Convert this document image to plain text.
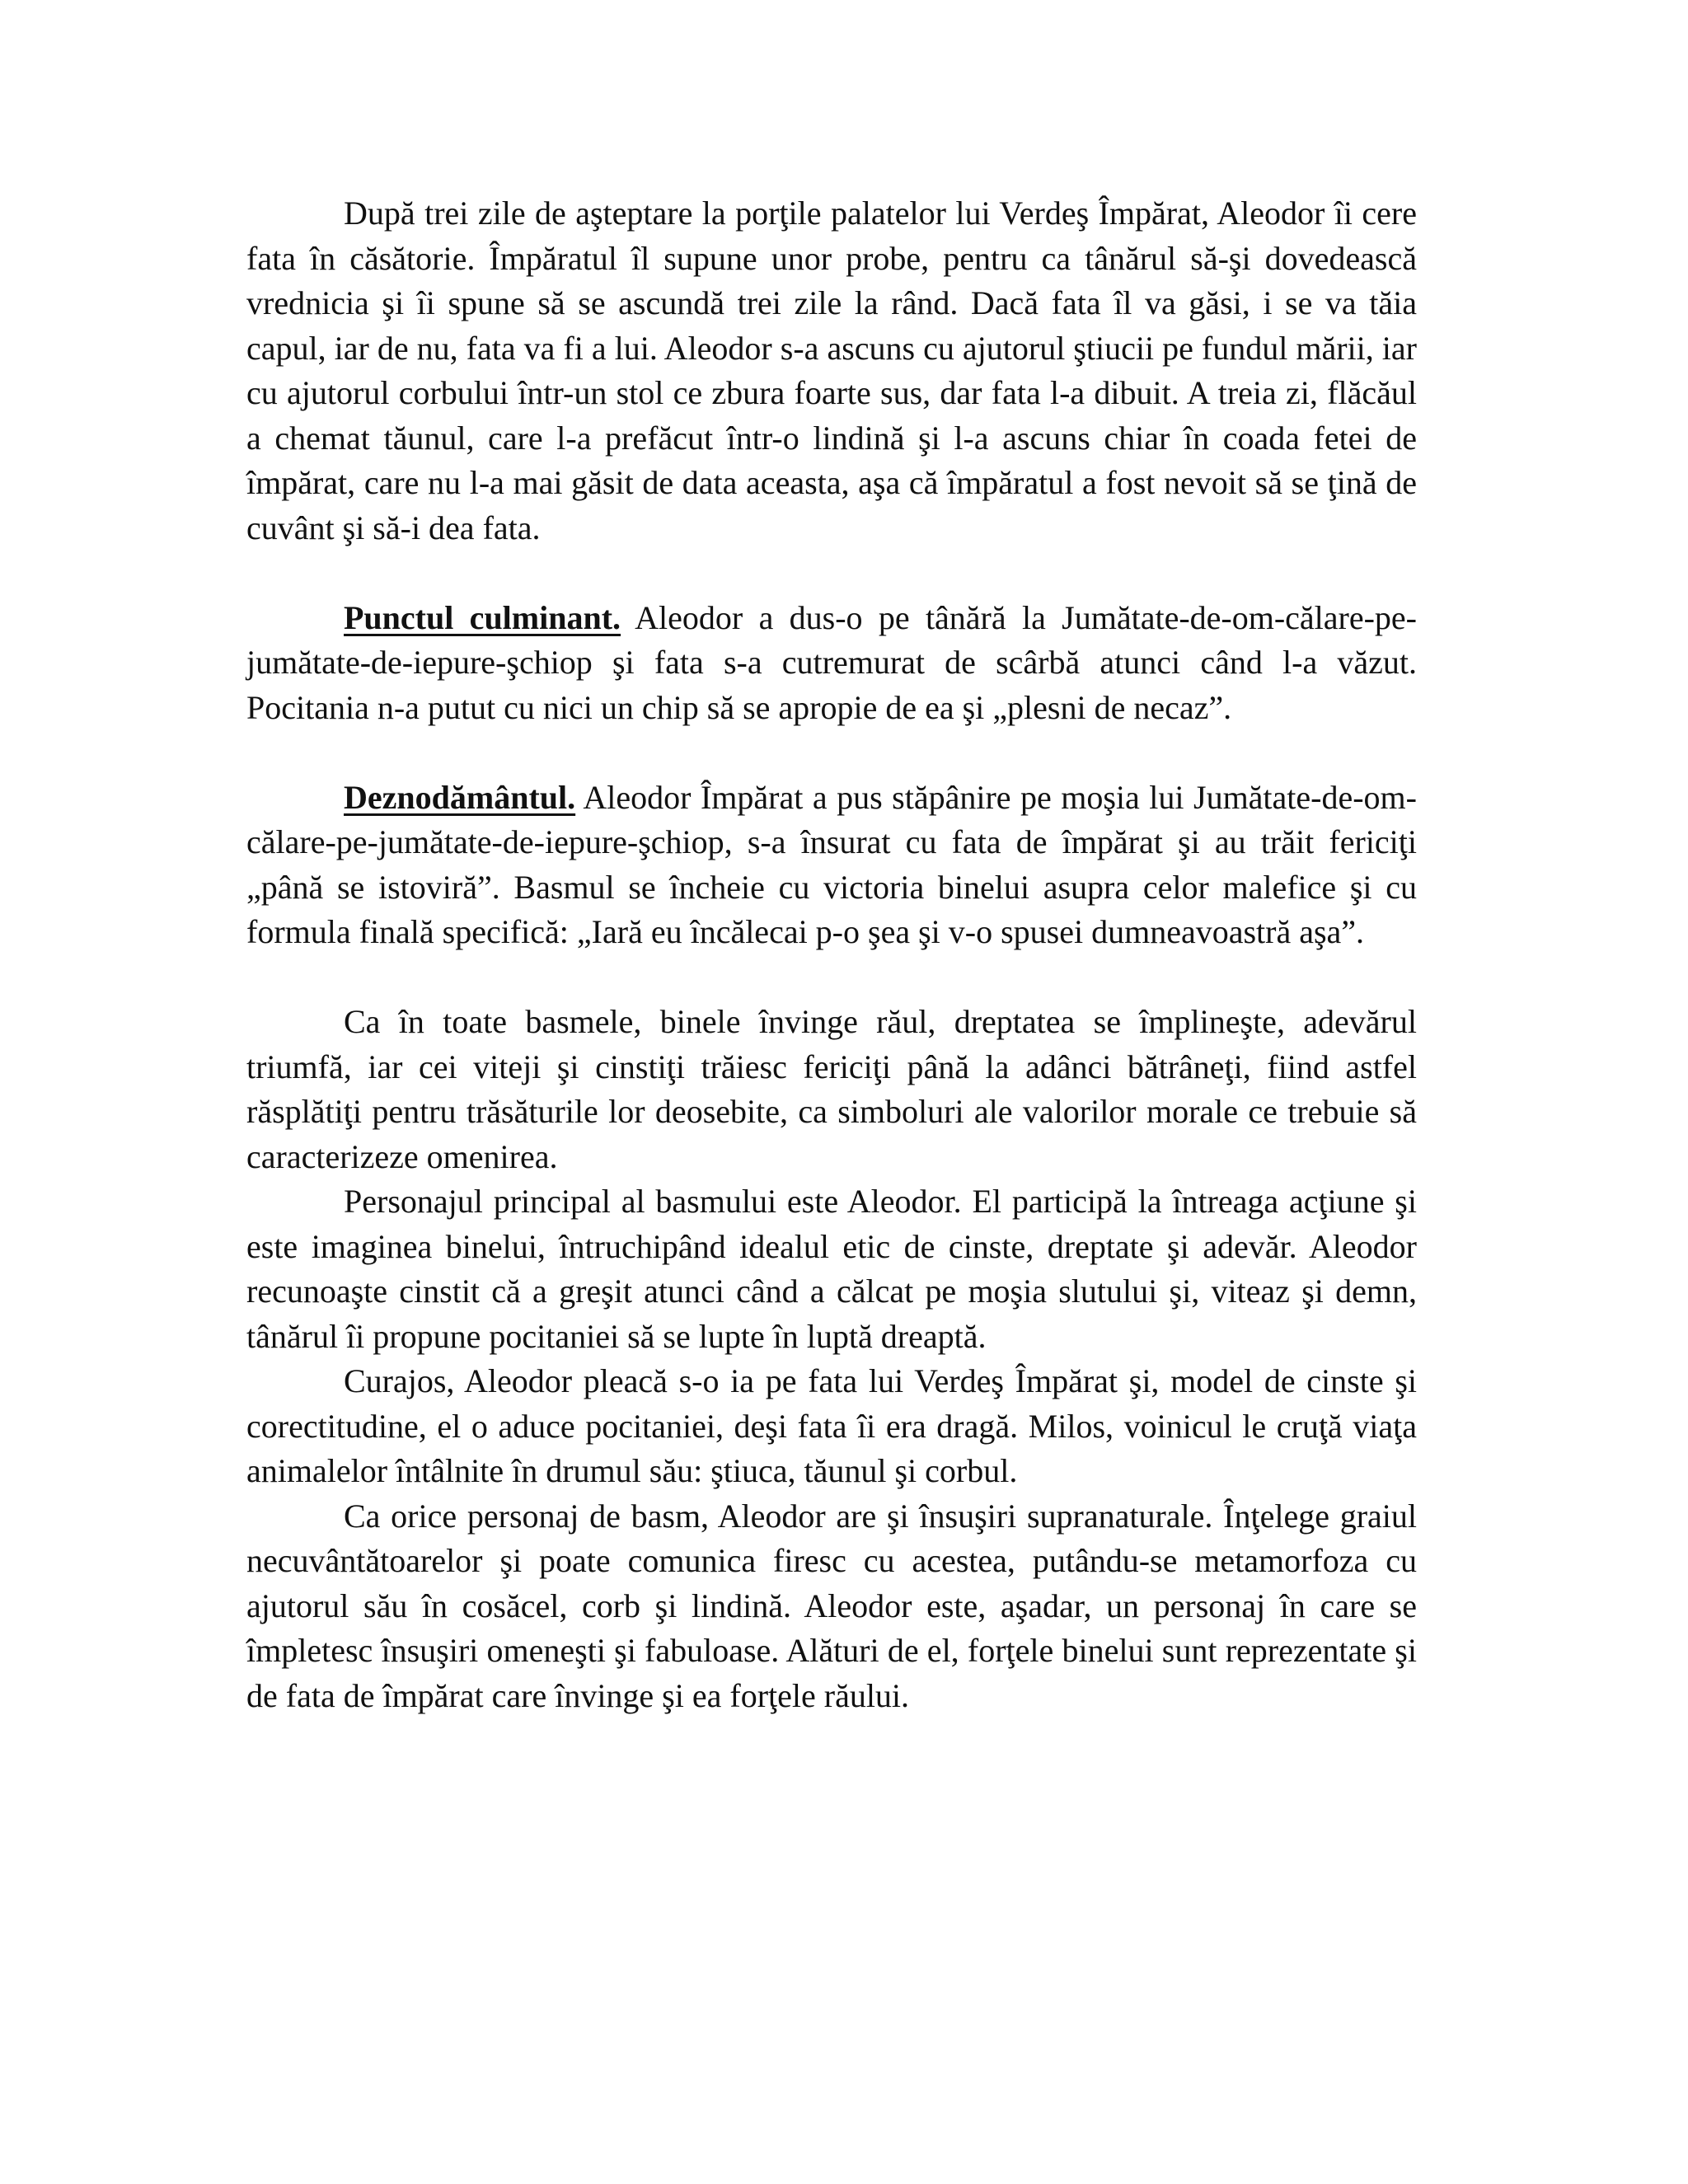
După trei zile de aşteptare la porţile palatelor lui Verdeş Împărat, Aleodor îi cere fata în căsătorie. Împăratul îl supune unor probe, pentru ca tânărul să-şi dovedească vrednicia şi îi spune să se ascundă trei zile la rând. Dacă fata îl va găsi, i se va tăia capul, iar de nu, fata va fi a lui. Aleodor s-a ascuns cu ajutorul ştiucii pe fundul mării, iar cu ajutorul corbului într-un stol ce zbura foarte sus, dar fata l-a dibuit. A treia zi, flăcăul a chemat tăunul, care l-a prefăcut într-o lindină şi l-a ascuns chiar în coada fetei de împărat, care nu l-a mai găsit de data aceasta, aşa că împăratul a fost nevoit să se ţină de cuvânt şi să-i dea fata.

Punctul culminant. Aleodor a dus-o pe tânără la Jumătate-de-om-călare-pe-jumătate-de-iepure-şchiop şi fata s-a cutremurat de scârbă atunci când l-a văzut. Pocitania n-a putut cu nici un chip să se apropie de ea şi „plesni de necaz”.

Deznodământul. Aleodor Împărat a pus stăpânire pe moşia lui Jumătate-de-om-călare-pe-jumătate-de-iepure-şchiop, s-a însurat cu fata de împărat şi au trăit fericiţi „până se istoviră”. Basmul se încheie cu victoria binelui asupra celor malefice şi cu formula finală specifică: „Iară eu încălecai p-o şea şi v-o spusei dumneavoastră aşa”.

Ca în toate basmele, binele învinge răul, dreptatea se împlineşte, adevărul triumfă, iar cei viteji şi cinstiţi trăiesc fericiţi până la adânci bătrâneţi, fiind astfel răsplătiţi pentru trăsăturile lor deosebite, ca simboluri ale valorilor morale ce trebuie să caracterizeze omenirea.

Personajul principal al basmului este Aleodor. El participă la întreaga acţiune şi este imaginea binelui, întruchipând idealul etic de cinste, dreptate şi adevăr. Aleodor recunoaşte cinstit că a greşit atunci când a călcat pe moşia slutului şi, viteaz şi demn, tânărul îi propune pocitaniei să se lupte în luptă dreaptă.

Curajos, Aleodor pleacă s-o ia pe fata lui Verdeş Împărat şi, model de cinste şi corectitudine, el o aduce pocitaniei, deşi fata îi era dragă. Milos, voinicul le cruţă viaţa animalelor întâlnite în drumul său: ştiuca, tăunul şi corbul.

Ca orice personaj de basm, Aleodor are şi însuşiri supranaturale. Înţelege graiul necuvântătoarelor şi poate comunica firesc cu acestea, putându-se metamorfoza cu ajutorul său în cosăcel, corb şi lindină. Aleodor este, aşadar, un personaj în care se împletesc însuşiri omeneşti şi fabuloase. Alături de el, forţele binelui sunt reprezentate şi de fata de împărat care învinge şi ea forţele răului.
